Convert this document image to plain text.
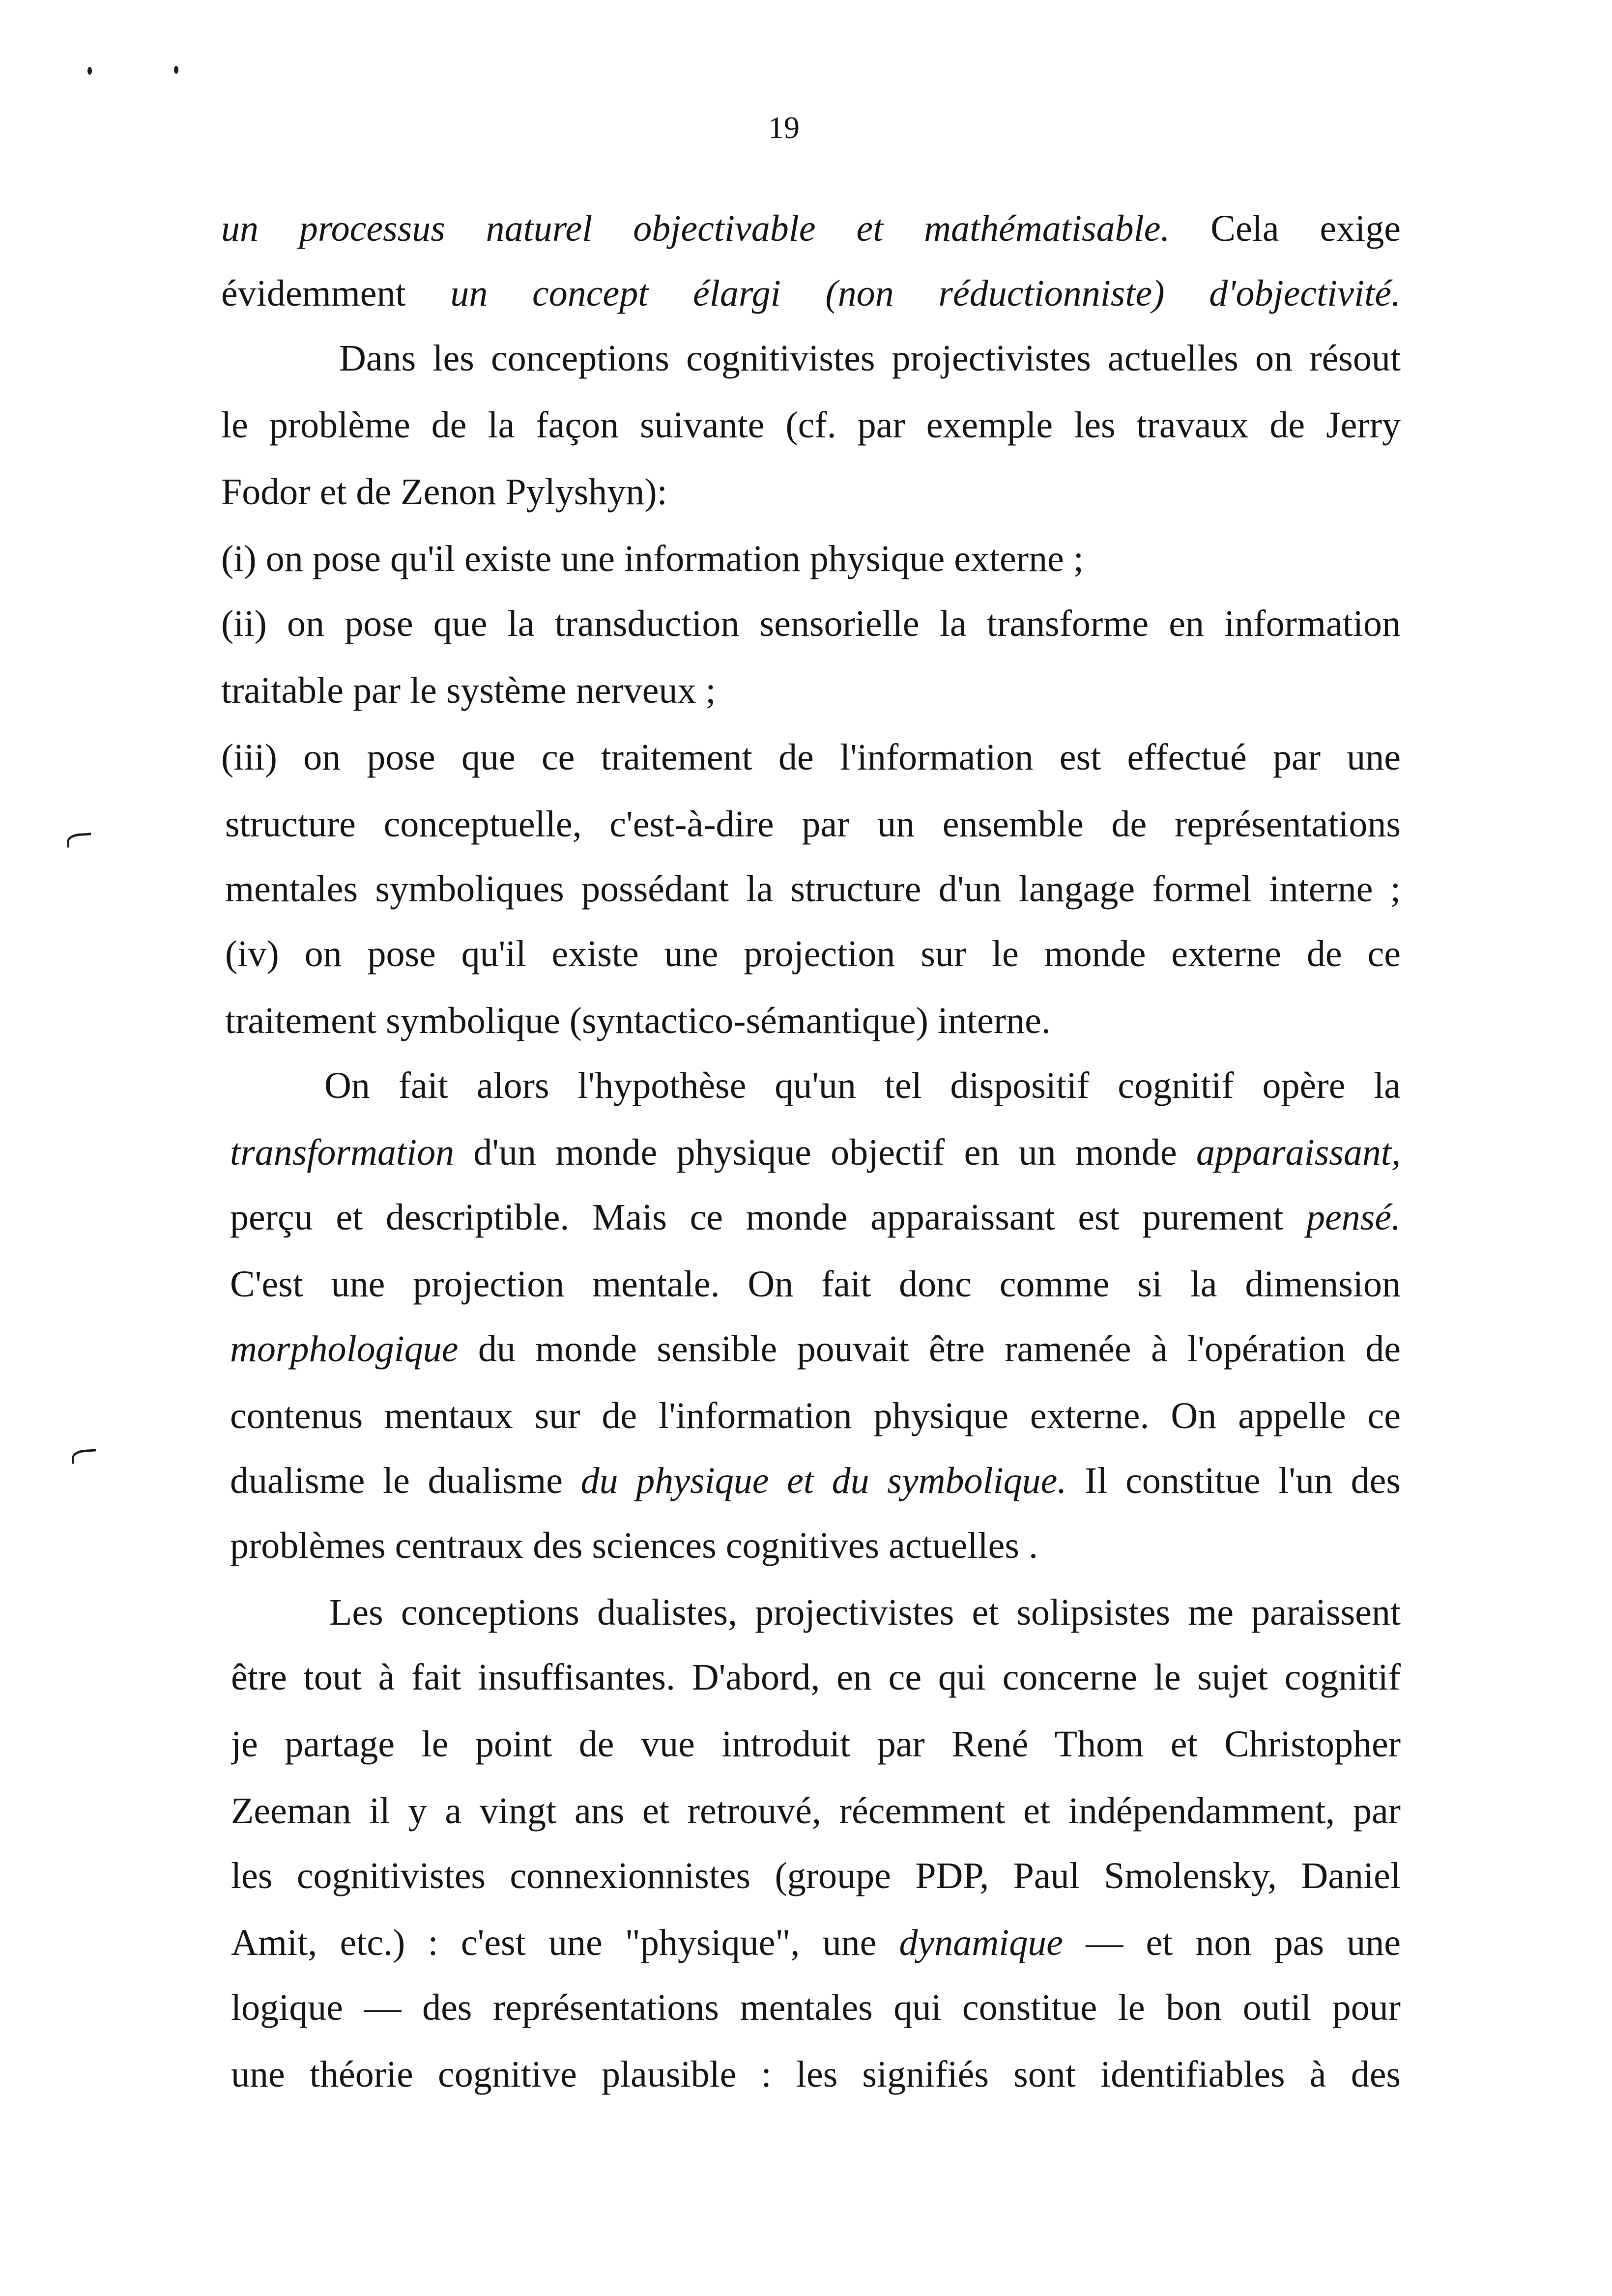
19
un processus naturel objectivable et mathématisable. Cela exige
évidemment un concept élargi (non réductionniste) d'objectivité.
Dans les conceptions cognitivistes projectivistes actuelles on résout
le problème de la façon suivante (cf. par exemple les travaux de Jerry
Fodor et de Zenon Pylyshyn):
(i) on pose qu'il existe une information physique externe ;
(ii) on pose que la transduction sensorielle la transforme en information
traitable par le système nerveux ;
(iii) on pose que ce traitement de l'information est effectué par une
structure conceptuelle, c'est-à-dire par un ensemble de représentations
mentales symboliques possédant la structure d'un langage formel interne ;
(iv) on pose qu'il existe une projection sur le monde externe de ce
traitement symbolique (syntactico-sémantique) interne.
On fait alors l'hypothèse qu'un tel dispositif cognitif opère la
transformation d'un monde physique objectif en un monde apparaissant,
perçu et descriptible. Mais ce monde apparaissant est purement pensé.
C'est une projection mentale. On fait donc comme si la dimension
morphologique du monde sensible pouvait être ramenée à l'opération de
contenus mentaux sur de l'information physique externe. On appelle ce
dualisme le dualisme du physique et du symbolique. Il constitue l'un des
problèmes centraux des sciences cognitives actuelles .
Les conceptions dualistes, projectivistes et solipsistes me paraissent
être tout à fait insuffisantes. D'abord, en ce qui concerne le sujet cognitif
je partage le point de vue introduit par René Thom et Christopher
Zeeman il y a vingt ans et retrouvé, récemment et indépendamment, par
les cognitivistes connexionnistes (groupe PDP, Paul Smolensky, Daniel
Amit, etc.) : c'est une "physique", une dynamique — et non pas une
logique — des représentations mentales qui constitue le bon outil pour
une théorie cognitive plausible : les signifiés sont identifiables à des
